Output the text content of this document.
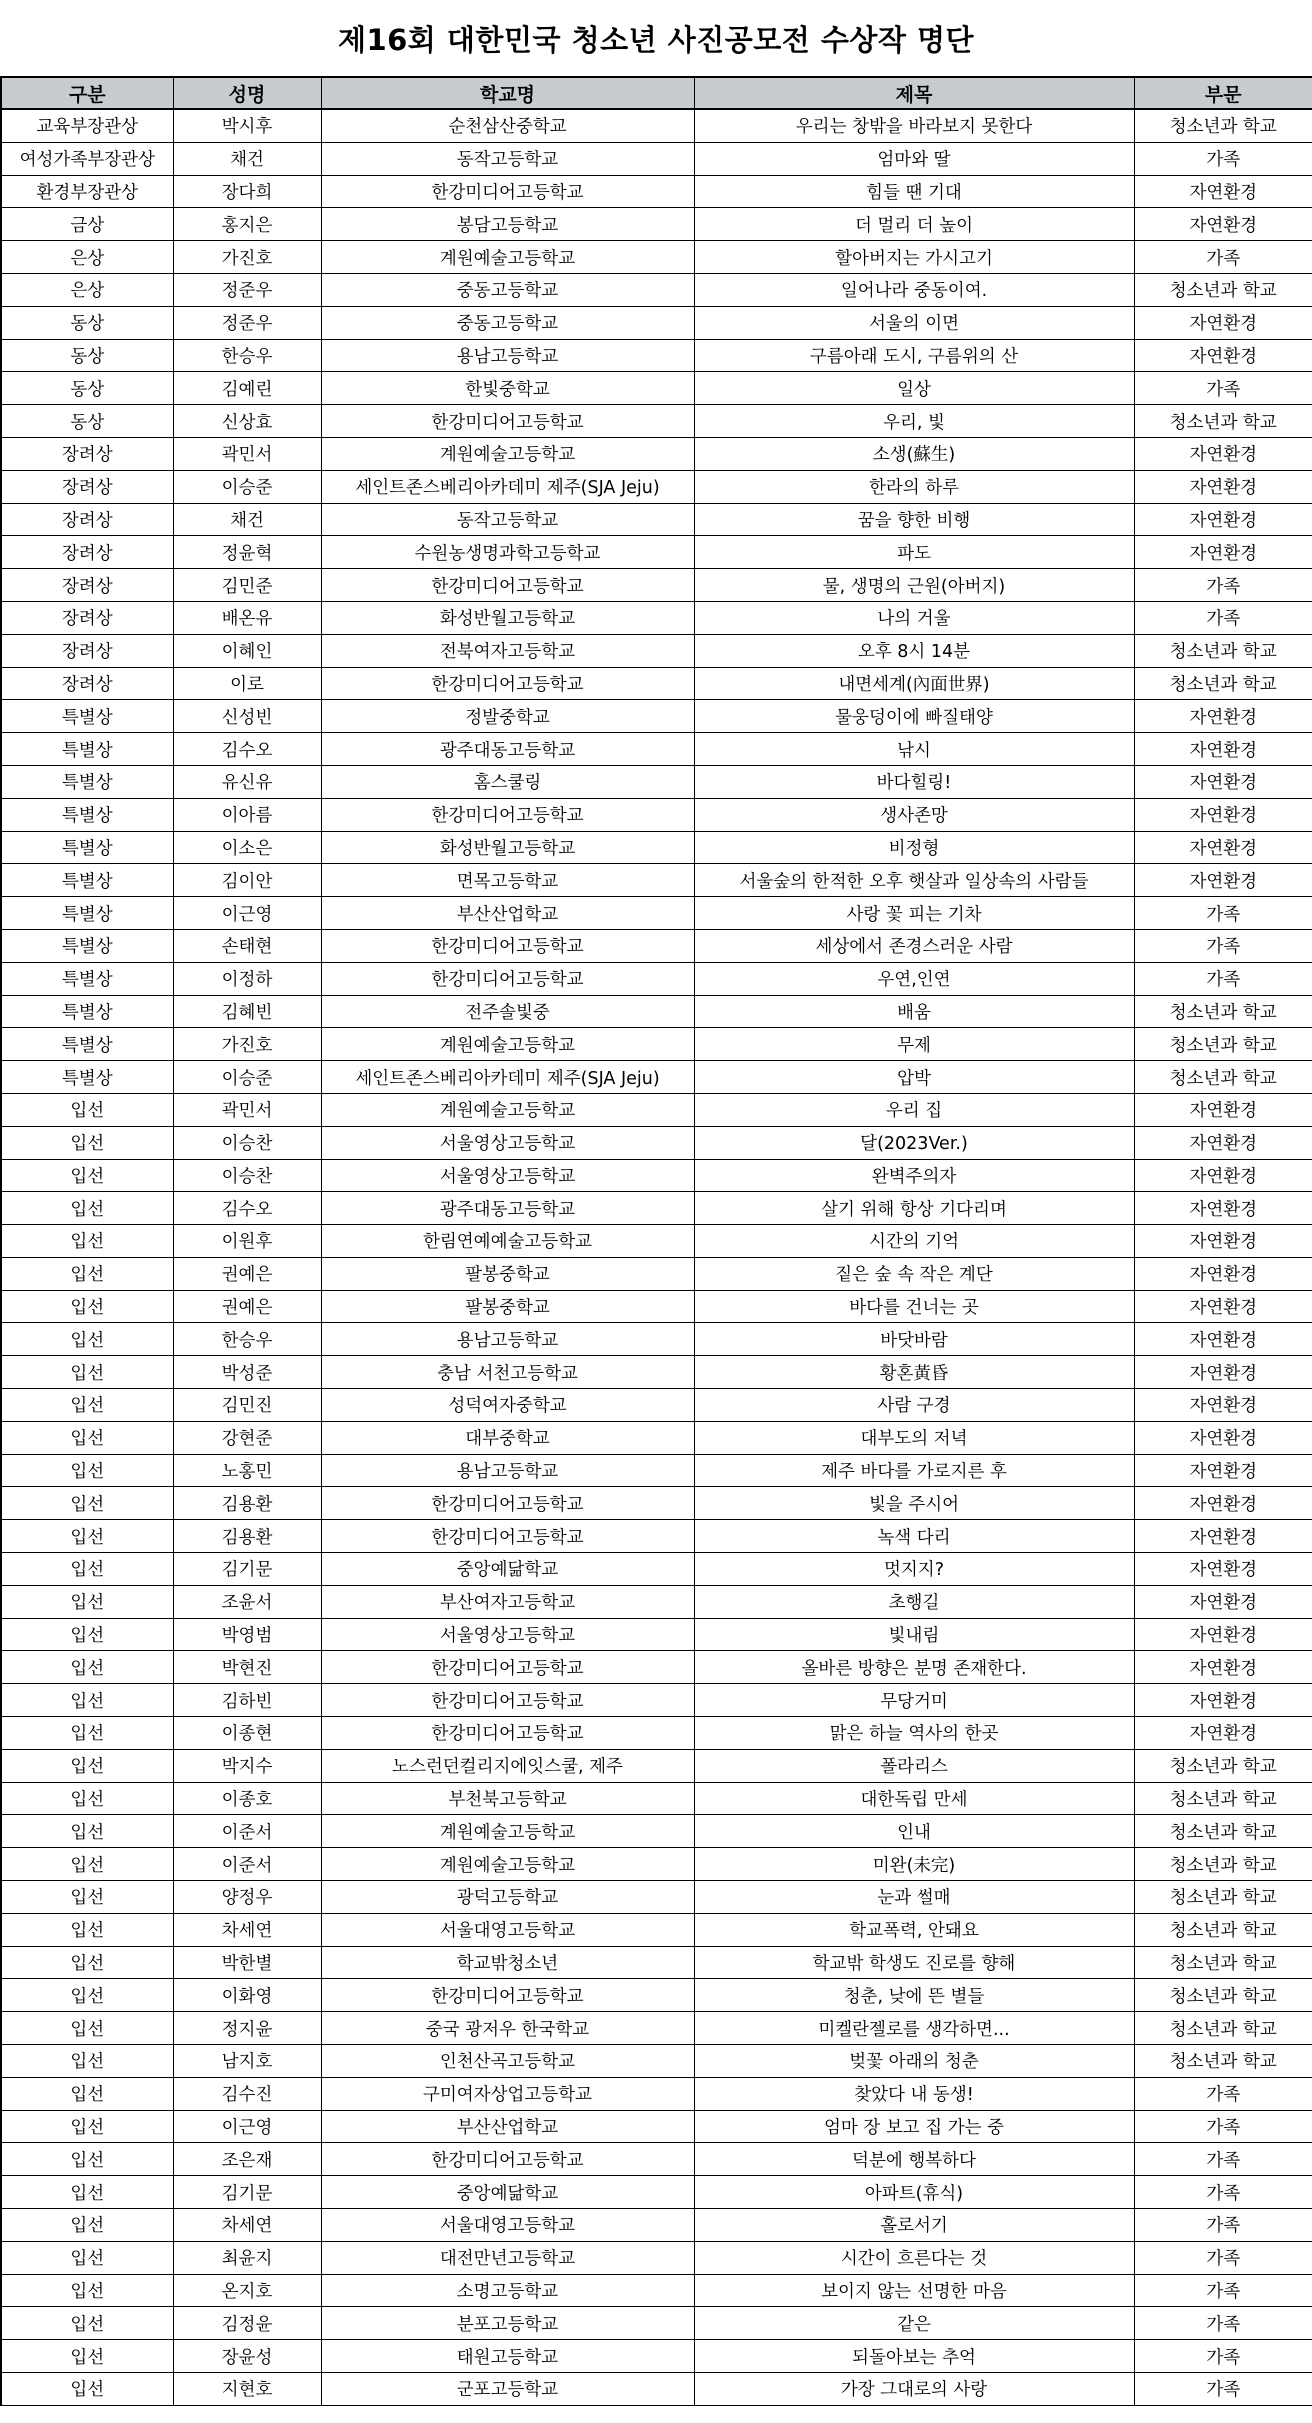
제16회 대한민국 청소년 사진공모전 수상작 명단
구분	성명	학교명	제목	부문
교육부장관상	박시후	순천삼산중학교	우리는 창밖을 바라보지 못한다	청소년과 학교
여성가족부장관상	채건	동작고등학교	엄마와 딸	가족
환경부장관상	장다희	한강미디어고등학교	힘들 땐 기대	자연환경
금상	홍지은	봉담고등학교	더 멀리 더 높이	자연환경
은상	가진호	계원예술고등학교	할아버지는 가시고기	가족
은상	정준우	중동고등학교	일어나라 중동이여.	청소년과 학교
동상	정준우	중동고등학교	서울의 이면	자연환경
동상	한승우	용남고등학교	구름아래 도시, 구름위의 산	자연환경
동상	김예린	한빛중학교	일상	가족
동상	신상효	한강미디어고등학교	우리, 빛	청소년과 학교
장려상	곽민서	계원예술고등학교	소생(蘇生)	자연환경
장려상	이승준	세인트존스베리아카데미 제주(SJA Jeju)	한라의 하루	자연환경
장려상	채건	동작고등학교	꿈을 향한 비행	자연환경
장려상	정윤혁	수원농생명과학고등학교	파도	자연환경
장려상	김민준	한강미디어고등학교	물, 생명의 근원(아버지)	가족
장려상	배온유	화성반월고등학교	나의 거울	가족
장려상	이혜인	전북여자고등학교	오후 8시 14분	청소년과 학교
장려상	이로	한강미디어고등학교	내면세계(內面世界)	청소년과 학교
특별상	신성빈	정발중학교	물웅덩이에 빠질태양	자연환경
특별상	김수오	광주대동고등학교	낚시	자연환경
특별상	유신유	홈스쿨링	바다힐링!	자연환경
특별상	이아름	한강미디어고등학교	생사존망	자연환경
특별상	이소은	화성반월고등학교	비정형	자연환경
특별상	김이안	면목고등학교	서울숲의 한적한 오후 햇살과 일상속의 사람들	자연환경
특별상	이근영	부산산업학교	사랑 꽃 피는 기차	가족
특별상	손태현	한강미디어고등학교	세상에서 존경스러운 사람	가족
특별상	이정하	한강미디어고등학교	우연,인연	가족
특별상	김혜빈	전주솔빛중	배움	청소년과 학교
특별상	가진호	계원예술고등학교	무제	청소년과 학교
특별상	이승준	세인트존스베리아카데미 제주(SJA Jeju)	압박	청소년과 학교
입선	곽민서	계원예술고등학교	우리 집	자연환경
입선	이승찬	서울영상고등학교	달(2023Ver.)	자연환경
입선	이승찬	서울영상고등학교	완벽주의자	자연환경
입선	김수오	광주대동고등학교	살기 위해 항상 기다리며	자연환경
입선	이원후	한림연예예술고등학교	시간의 기억	자연환경
입선	권예은	팔봉중학교	짙은 숲 속 작은 계단	자연환경
입선	권예은	팔봉중학교	바다를 건너는 곳	자연환경
입선	한승우	용남고등학교	바닷바람	자연환경
입선	박성준	충남 서천고등학교	황혼黃昏	자연환경
입선	김민진	성덕여자중학교	사람 구경	자연환경
입선	강현준	대부중학교	대부도의 저녁	자연환경
입선	노홍민	용남고등학교	제주 바다를 가로지른 후	자연환경
입선	김용환	한강미디어고등학교	빛을 주시어	자연환경
입선	김용환	한강미디어고등학교	녹색 다리	자연환경
입선	김기문	중앙예닮학교	멋지지?	자연환경
입선	조윤서	부산여자고등학교	초행길	자연환경
입선	박영범	서울영상고등학교	빛내림	자연환경
입선	박현진	한강미디어고등학교	올바른 방향은 분명 존재한다.	자연환경
입선	김하빈	한강미디어고등학교	무당거미	자연환경
입선	이종현	한강미디어고등학교	맑은 하늘 역사의 한곳	자연환경
입선	박지수	노스런던컬리지에잇스쿨, 제주	폴라리스	청소년과 학교
입선	이종호	부천북고등학교	대한독립 만세	청소년과 학교
입선	이준서	계원예술고등학교	인내	청소년과 학교
입선	이준서	계원예술고등학교	미완(未完)	청소년과 학교
입선	양정우	광덕고등학교	눈과 썰매	청소년과 학교
입선	차세연	서울대영고등학교	학교폭력, 안돼요	청소년과 학교
입선	박한별	학교밖청소년	학교밖 학생도 진로를 향해	청소년과 학교
입선	이화영	한강미디어고등학교	청춘, 낮에 뜬 별들	청소년과 학교
입선	정지윤	중국 광저우 한국학교	미켈란젤로를 생각하면...	청소년과 학교
입선	남지호	인천산곡고등학교	벚꽃 아래의 청춘	청소년과 학교
입선	김수진	구미여자상업고등학교	찾았다 내 동생!	가족
입선	이근영	부산산업학교	엄마 장 보고 집 가는 중	가족
입선	조은재	한강미디어고등학교	덕분에 행복하다	가족
입선	김기문	중앙예닮학교	아파트(휴식)	가족
입선	차세연	서울대영고등학교	홀로서기	가족
입선	최윤지	대전만년고등학교	시간이 흐른다는 것	가족
입선	온지호	소명고등학교	보이지 않는 선명한 마음	가족
입선	김정윤	분포고등학교	같은	가족
입선	장윤성	태원고등학교	되돌아보는 추억	가족
입선	지현호	군포고등학교	가장 그대로의 사랑	가족
